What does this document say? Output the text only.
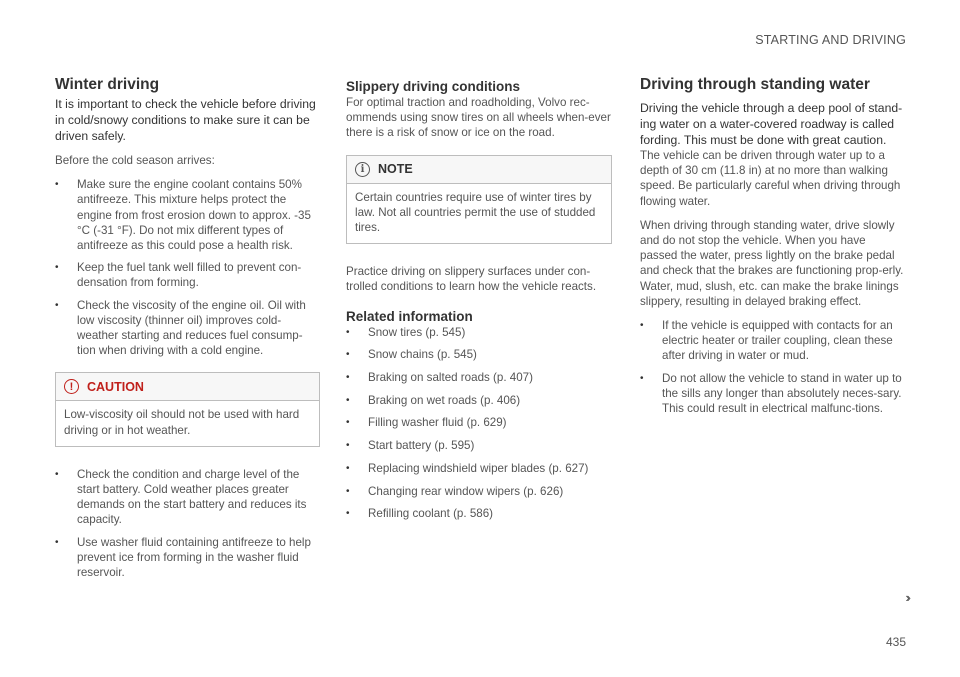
STARTING AND DRIVING
Winter driving
It is important to check the vehicle before driving in cold/snowy conditions to make sure it can be driven safely.

Before the cold season arrives:

• Make sure the engine coolant contains 50% antifreeze. This mixture helps protect the engine from frost erosion down to approx. -35 °C (-31 °F). Do not mix different types of antifreeze as this could pose a health risk.
• Keep the fuel tank well filled to prevent con-densation from forming.
• Check the viscosity of the engine oil. Oil with low viscosity (thinner oil) improves cold-weather starting and reduces fuel consump-tion when driving with a cold engine.
!	CAUTION
Low-viscosity oil should not be used with hard driving or in hot weather.
• Check the condition and charge level of the start battery. Cold weather places greater demands on the start battery and reduces its capacity.
• Use washer fluid containing antifreeze to help prevent ice from forming in the washer fluid reservoir.
Slippery driving conditions

For optimal traction and roadholding, Volvo rec-ommends using snow tires on all wheels when-ever there is a risk of snow or ice on the road.

i	NOTE
Certain countries require use of winter tires by law. Not all countries permit the use of studded tires.

Practice driving on slippery surfaces under con-trolled conditions to learn how the vehicle reacts.

Related information
• Snow tires (p. 545)
• Snow chains (p. 545)
• Braking on salted roads (p. 407)
• Braking on wet roads (p. 406)
• Filling washer fluid (p. 629)
• Start battery (p. 595)
• Replacing windshield wiper blades (p. 627)
• Changing rear window wipers (p. 626)
• Refilling coolant (p. 586)
Driving through standing water
Driving the vehicle through a deep pool of stand-ing water on a water-covered roadway is called fording. This must be done with great caution.

The vehicle can be driven through water up to a depth of 30 cm (11.8 in) at no more than walking speed. Be particularly careful when driving through flowing water.

When driving through standing water, drive slowly and do not stop the vehicle. When you have passed the water, press lightly on the brake pedal and check that the brakes are functioning prop-erly. Water, mud, slush, etc. can make the brake linings slippery, resulting in delayed braking effect.

• If the vehicle is equipped with contacts for an electric heater or trailer coupling, clean these after driving in water or mud.
• Do not allow the vehicle to stand in water up to the sills any longer than absolutely neces-sary. This could result in electrical malfunc-tions.
››
435
